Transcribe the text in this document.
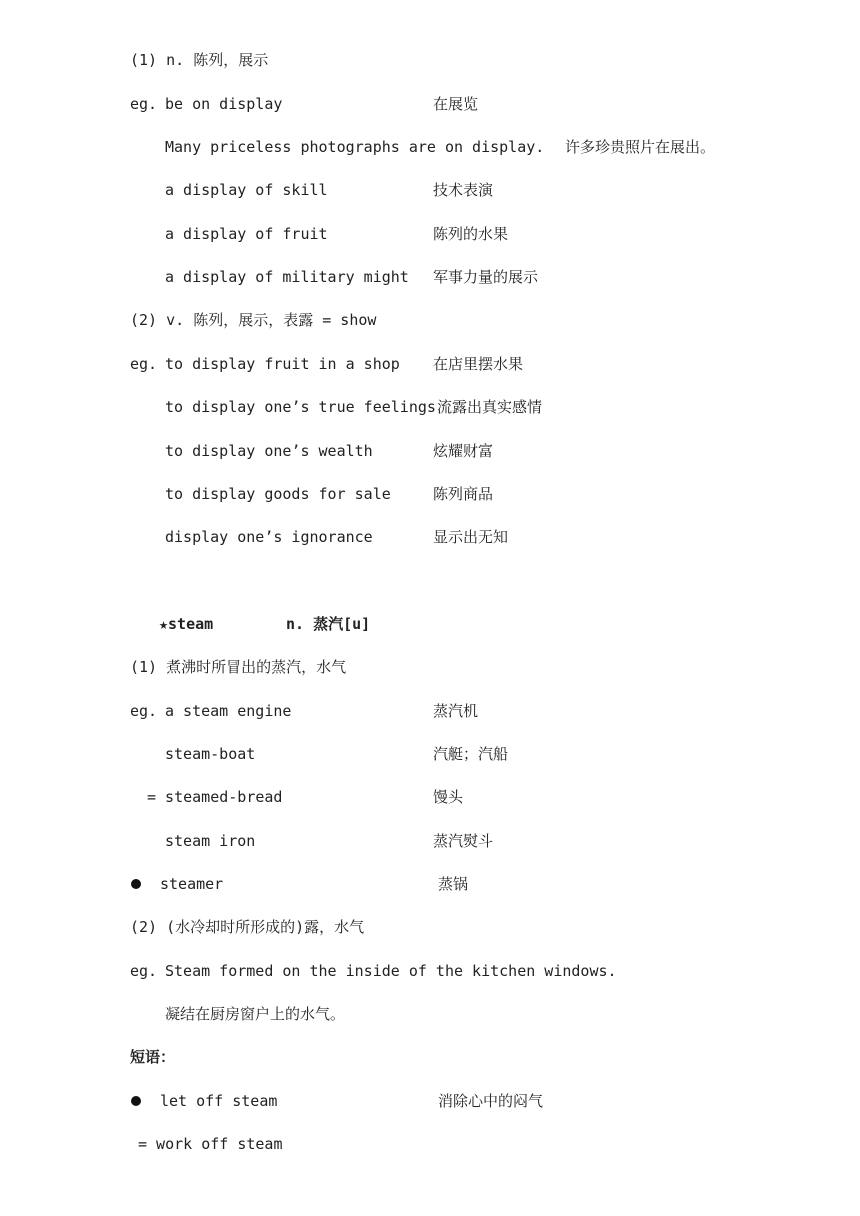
(1) n. 陈列，展示
eg. be on display	在展览
Many priceless photographs are on display. 许多珍贵照片在展出。
a display of skill	技术表演
a display of fruit	陈列的水果
a display of military might 军事力量的展示
(2) v. 陈列，展示，表露 = show
eg. to display fruit in a shop 在店里摆水果
to display one’s true feelings 流露出真实感情
to display one’s wealth	炫耀财富
to display goods for sale	陈列商品
display one’s ignorance	显示出无知
★steam	n. 蒸汽[u]
(1) 煮沸时所冒出的蒸汽，水气
eg. a steam engine	蒸汽机
steam-boat	汽艇；汽船
= steamed-bread	馒头
steam iron	蒸汽熨斗
steamer	蒸锅
(2) (水冷却时所形成的)露，水气
eg. Steam formed on the inside of the kitchen windows.
凝结在厨房窗户上的水气。
短语：
let off steam	消除心中的闷气
= work off steam
